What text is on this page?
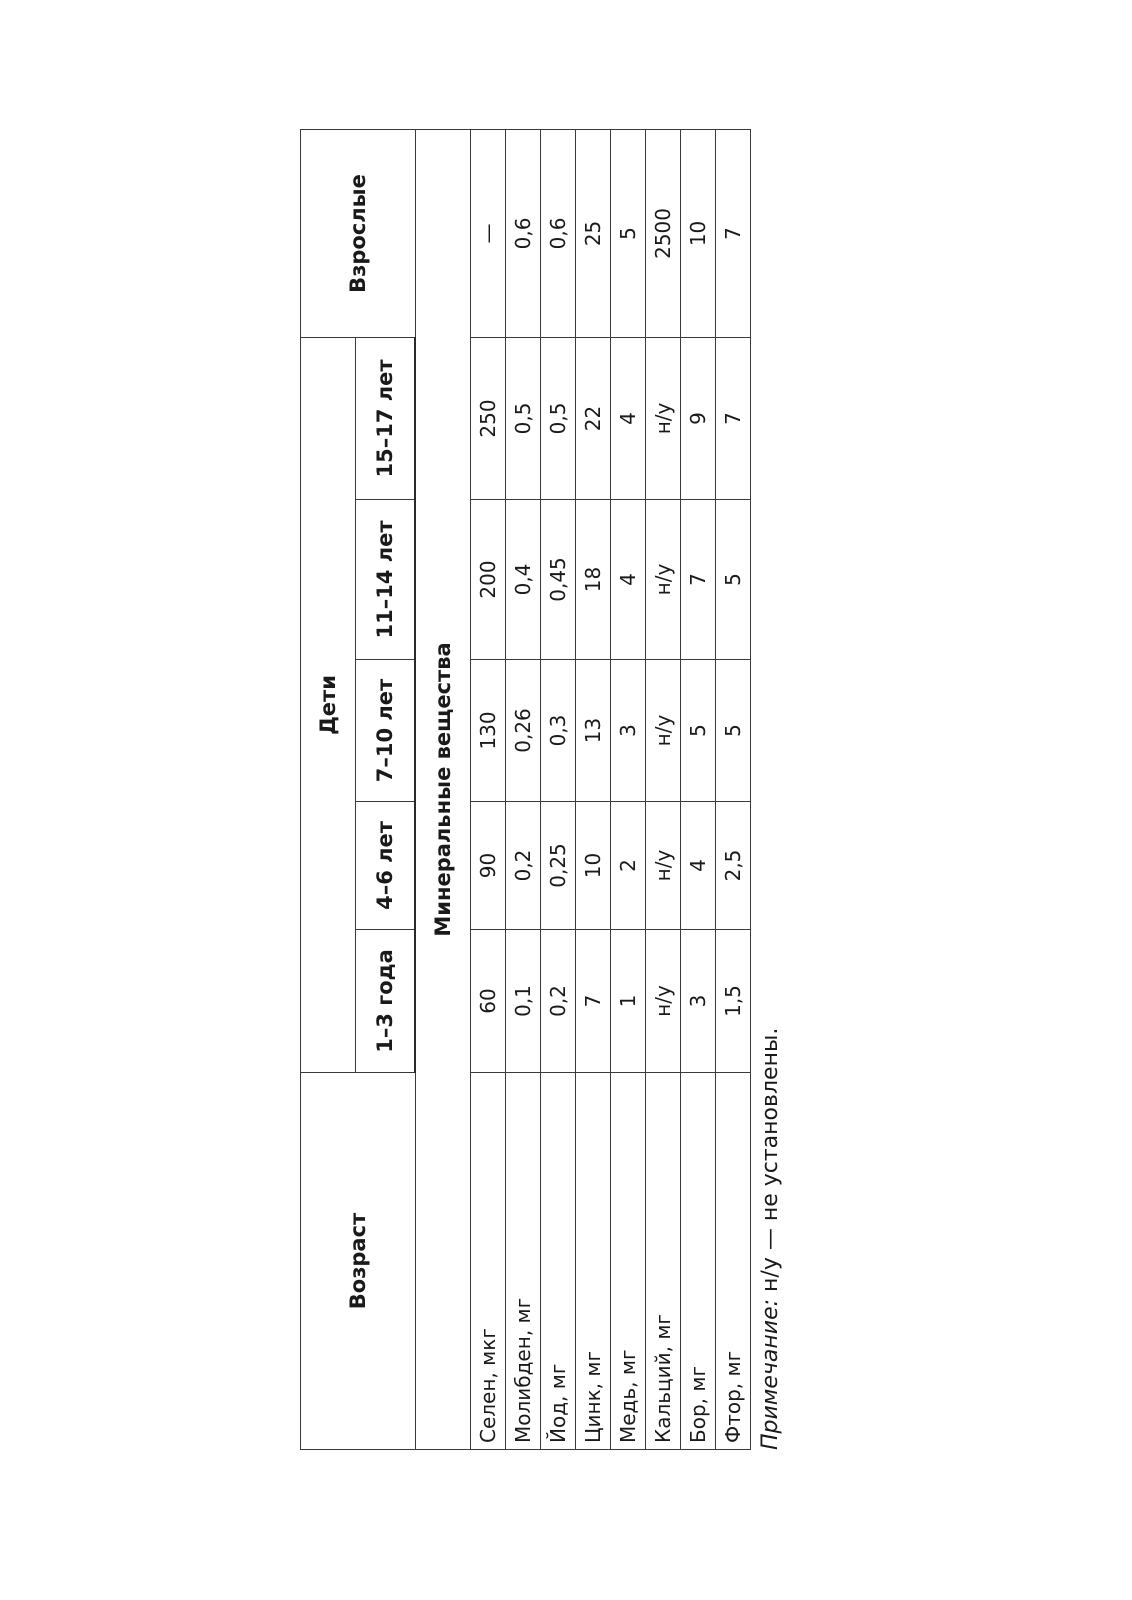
Возраст	Дети					Взрослые
	1–3 года	4–6 лет	7–10 лет	11–14 лет	15–17 лет	
Минеральные вещества						
Селен, мкг	60	90	130	200	250	—
Молибден, мг	0,1	0,2	0,26	0,4	0,5	0,6
Йод, мг	0,2	0,25	0,3	0,45	0,5	0,6
Цинк, мг	7	10	13	18	22	25
Медь, мг	1	2	3	4	4	5
Кальций, мг	н/у	н/у	н/у	н/у	н/у	2500
Бор, мг	3	4	5	7	9	10
Фтор, мг	1,5	2,5	5	5	7	7
Примечание: н/у — не установлены.
